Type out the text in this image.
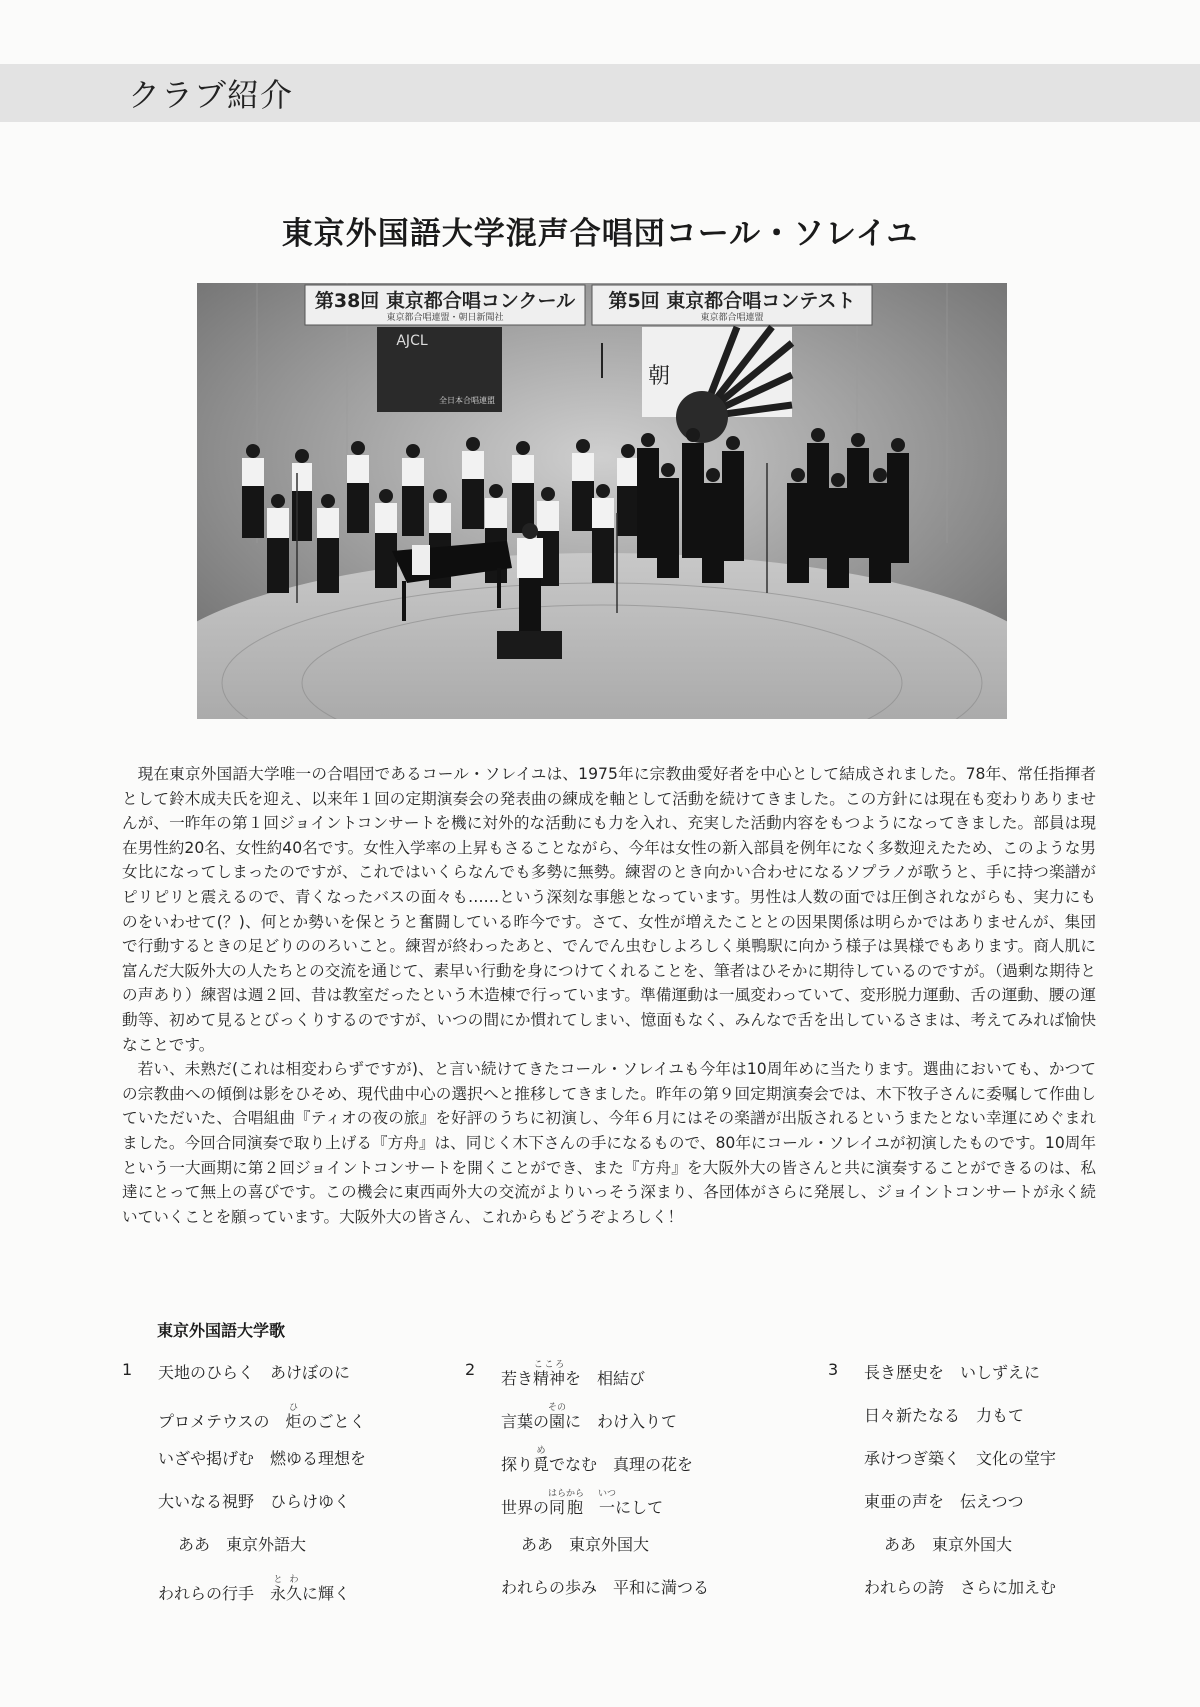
クラブ紹介
東京外国語大学混声合唱団コール・ソレイユ
第38回 東京都合唱コンクール
東京都合唱連盟・朝日新聞社
第5回 東京都合唱コンテスト
東京都合唱連盟
AJCL
全日本合唱連盟
朝

現在東京外国語大学唯一の合唱団であるコール・ソレイユは、1975年に宗教曲愛好者を中心として結成されました。78年、常任指揮者として鈴木成夫氏を迎え、以来年１回の定期演奏会の発表曲の練成を軸として活動を続けてきました。この方針には現在も変わりありませんが、一昨年の第１回ジョイントコンサートを機に対外的な活動にも力を入れ、充実した活動内容をもつようになってきました。部員は現在男性約20名、女性約40名です。女性入学率の上昇もさることながら、今年は女性の新入部員を例年になく多数迎えたため、このような男女比になってしまったのですが、これではいくらなんでも多勢に無勢。練習のとき向かい合わせになるソプラノが歌うと、手に持つ楽譜がピリピリと震えるので、青くなったバスの面々も……という深刻な事態となっています。男性は人数の面では圧倒されながらも、実力にものをいわせて(？)、何とか勢いを保とうと奮闘している昨今です。さて、女性が増えたこととの因果関係は明らかではありませんが、集団で行動するときの足どりののろいこと。練習が終わったあと、でんでん虫むしよろしく巣鴨駅に向かう様子は異様でもあります。商人肌に富んだ大阪外大の人たちとの交流を通じて、素早い行動を身につけてくれることを、筆者はひそかに期待しているのですが。（過剰な期待との声あり）練習は週２回、昔は教室だったという木造棟で行っています。準備運動は一風変わっていて、変形脱力運動、舌の運動、腰の運動等、初めて見るとびっくりするのですが、いつの間にか慣れてしまい、憶面もなく、みんなで舌を出しているさまは、考えてみれば愉快なことです。

若い、未熟だ(これは相変わらずですが)、と言い続けてきたコール・ソレイユも今年は10周年めに当たります。選曲においても、かつての宗教曲への傾倒は影をひそめ、現代曲中心の選択へと推移してきました。昨年の第９回定期演奏会では、木下牧子さんに委嘱して作曲していただいた、合唱組曲『ティオの夜の旅』を好評のうちに初演し、今年６月にはその楽譜が出版されるというまたとない幸運にめぐまれました。今回合同演奏で取り上げる『方舟』は、同じく木下さんの手になるもので、80年にコール・ソレイユが初演したものです。10周年という一大画期に第２回ジョイントコンサートを開くことができ、また『方舟』を大阪外大の皆さんと共に演奏することができるのは、私達にとって無上の喜びです。この機会に東西両外大の交流がよりいっそう深まり、各団体がさらに発展し、ジョイントコンサートが永く続いていくことを願っています。大阪外大の皆さん、これからもどうぞよろしく！

東京外国語大学歌
1 天地のひらく　あけぼのに
プロメテウスの　炬ひのごとく
いざや掲げむ　燃ゆる理想を
大いなる視野　ひらけゆく
ああ　東京外語大
われらの行手　永久とわに輝く
2 若き精神こころを　相結び
言葉の園そのに　わけ入りて
探り覓めでなむ　真理の花を
世界の同胞はらから　一いつにして
ああ　東京外国大
われらの歩み　平和に満つる
3 長き歴史を　いしずえに
日々新たなる　力もて
承けつぎ築く　文化の堂宇
東亜の声を　伝えつつ
ああ　東京外国大
われらの誇　さらに加えむ
